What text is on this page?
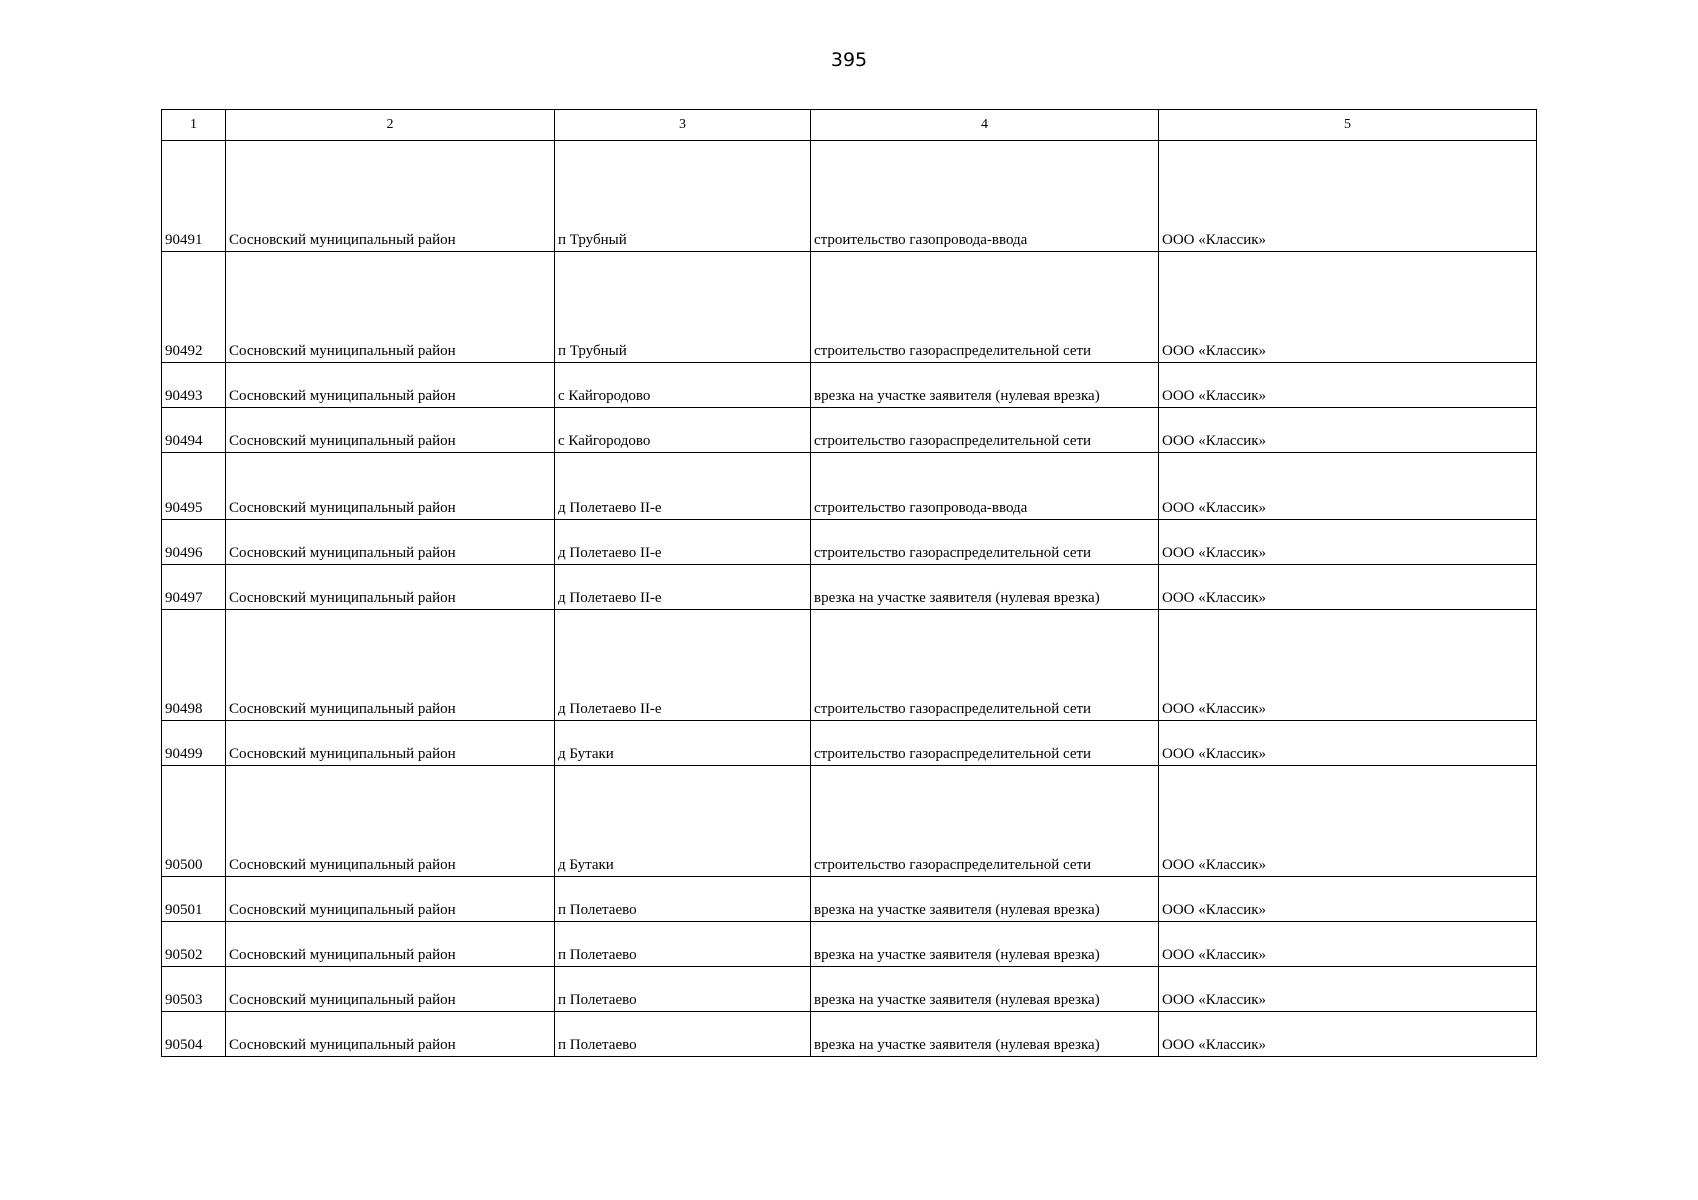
395
1	2	3	4	5
90491	Сосновский муниципальный район	п Трубный	строительство газопровода-ввода	ООО «Классик»
90492	Сосновский муниципальный район	п Трубный	строительство газораспределительной сети	ООО «Классик»
90493	Сосновский муниципальный район	с Кайгородово	врезка на участке заявителя (нулевая врезка)	ООО «Классик»
90494	Сосновский муниципальный район	с Кайгородово	строительство газораспределительной сети	ООО «Классик»
90495	Сосновский муниципальный район	д Полетаево II-е	строительство газопровода-ввода	ООО «Классик»
90496	Сосновский муниципальный район	д Полетаево II-е	строительство газораспределительной сети	ООО «Классик»
90497	Сосновский муниципальный район	д Полетаево II-е	врезка на участке заявителя (нулевая врезка)	ООО «Классик»
90498	Сосновский муниципальный район	д Полетаево II-е	строительство газораспределительной сети	ООО «Классик»
90499	Сосновский муниципальный район	д Бутаки	строительство газораспределительной сети	ООО «Классик»
90500	Сосновский муниципальный район	д Бутаки	строительство газораспределительной сети	ООО «Классик»
90501	Сосновский муниципальный район	п Полетаево	врезка на участке заявителя (нулевая врезка)	ООО «Классик»
90502	Сосновский муниципальный район	п Полетаево	врезка на участке заявителя (нулевая врезка)	ООО «Классик»
90503	Сосновский муниципальный район	п Полетаево	врезка на участке заявителя (нулевая врезка)	ООО «Классик»
90504	Сосновский муниципальный район	п Полетаево	врезка на участке заявителя (нулевая врезка)	ООО «Классик»
